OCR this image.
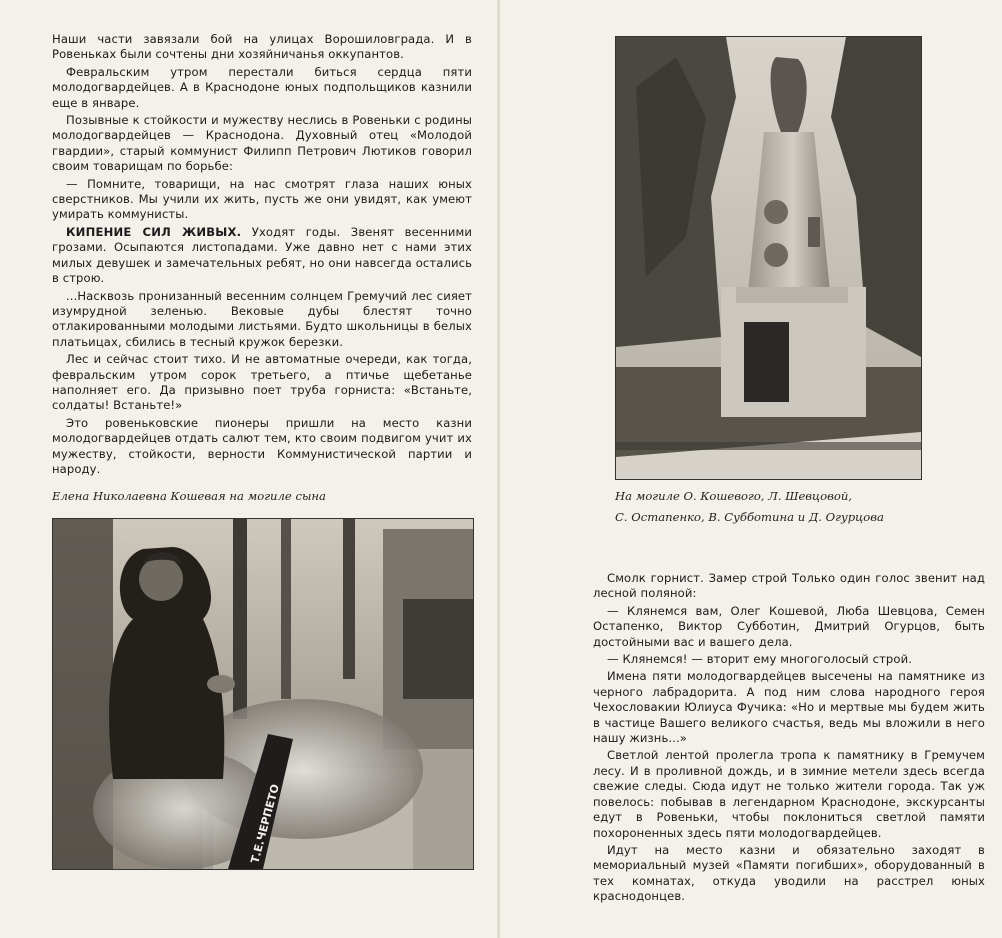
Наши части завязали бой на улицах Ворошиловграда. И в Ровеньках были сочтены дни хозяйничанья оккупантов.

Февральским утром перестали биться сердца пяти молодогвардейцев. А в Краснодоне юных подпольщиков казнили еще в январе.

Позывные к стойкости и мужеству неслись в Ровеньки с родины молодогвардейцев — Краснодона. Духовный отец «Молодой гвардии», старый коммунист Филипп Петрович Лютиков говорил своим товарищам по борьбе:

— Помните, товарищи, на нас смотрят глаза наших юных сверстников. Мы учили их жить, пусть же они увидят, как умеют умирать коммунисты.

КИПЕНИЕ СИЛ ЖИВЫХ. Уходят годы. Звенят весенними грозами. Осыпаются листопадами. Уже давно нет с нами этих милых девушек и замечательных ребят, но они навсегда остались в строю.

...Насквозь пронизанный весенним солнцем Гремучий лес сияет изумрудной зеленью. Вековые дубы блестят точно отлакированными молодыми листьями. Будто школьницы в белых платьицах, сбились в тесный кружок березки.

Лес и сейчас стоит тихо. И не автоматные очереди, как тогда, февральским утром сорок третьего, а птичье щебетанье наполняет его. Да призывно поет труба горниста: «Встаньте, солдаты! Встаньте!»

Это ровеньковские пионеры пришли на место казни молодогвардейцев отдать салют тем, кто своим подвигом учит их мужеству, стойкости, верности Коммунистической партии и народу.

Елена Николаевна Кошевая на могиле сына
Т.Е.ЧЕРПЕТО
На могиле О. Кошевого, Л. Шевцовой,
С. Остапенко, В. Субботина и Д. Огурцова

Смолк горнист. Замер строй Только один голос звенит над лесной поляной:

— Клянемся вам, Олег Кошевой, Люба Шевцова, Семен Остапенко, Виктор Субботин, Дмитрий Огурцов, быть достойными вас и вашего дела.

— Клянемся! — вторит ему многоголосый строй.

Имена пяти молодогвардейцев высечены на памятнике из черного лабрадорита. А под ним слова народного героя Чехословакии Юлиуса Фучика: «Но и мертвые мы будем жить в частице Вашего великого счастья, ведь мы вложили в него нашу жизнь...»

Светлой лентой пролегла тропа к памятнику в Гремучем лесу. И в проливной дождь, и в зимние метели здесь всегда свежие следы. Сюда идут не только жители города. Так уж повелось: побывав в легендарном Краснодоне, экскурсанты едут в Ровеньки, чтобы поклониться светлой памяти похороненных здесь пяти молодогвардейцев.

Идут на место казни и обязательно заходят в мемориальный музей «Памяти погибших», оборудованный в тех комнатах, откуда уводили на расстрел юных краснодонцев.
